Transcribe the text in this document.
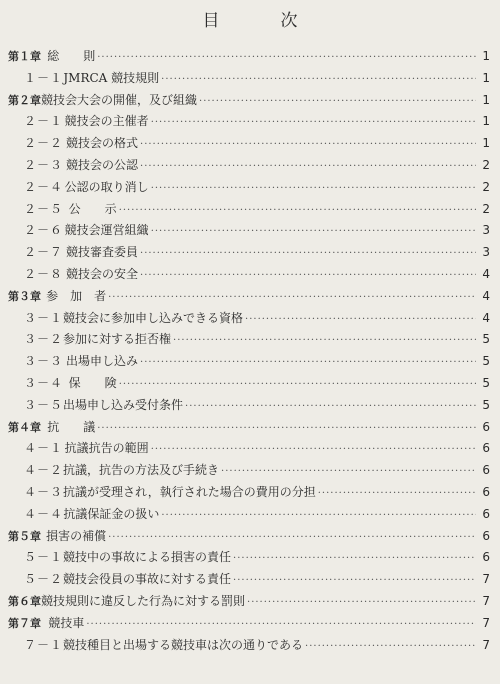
目　次
第１章 総　　則 ·····	1
１－１ JMRCA 競技規則 ·····	1
第２章 競技会大会の開催，及び組織 ·····	1
２－１ 競技会の主催者 ·····	1
２－２ 競技会の格式 ·····	1
２－３ 競技会の公認 ·····	2
２－４ 公認の取り消し ·····	2
２－５ 公　　示 ·····	2
２－６ 競技会運営組織 ·····	3
２－７ 競技審査委員 ·····	3
２－８ 競技会の安全 ·····	4
第３章 参　加　者 ·····	4
３－１ 競技会に参加申し込みできる資格 ·····	4
３－２ 参加に対する拒否権 ·····	5
３－３ 出場申し込み ·····	5
３－４ 保　　険 ·····	5
３－５ 出場申し込み受付条件 ·····	5
第４章 抗　　議 ·····	6
４－１ 抗議抗告の範囲 ·····	6
４－２ 抗議，抗告の方法及び手続き ·····	6
４－３ 抗議が受理され，執行された場合の費用の分担 ·····	6
４－４ 抗議保証金の扱い ·····	6
第５章 損害の補償 ·····	6
５－１ 競技中の事故による損害の責任 ·····	6
５－２ 競技会役員の事故に対する責任 ·····	7
第６章 競技規則に違反した行為に対する罰則 ·····	7
第７章 競技車 ·····	7
７－１ 競技種目と出場する競技車は次の通りである ·····	7
